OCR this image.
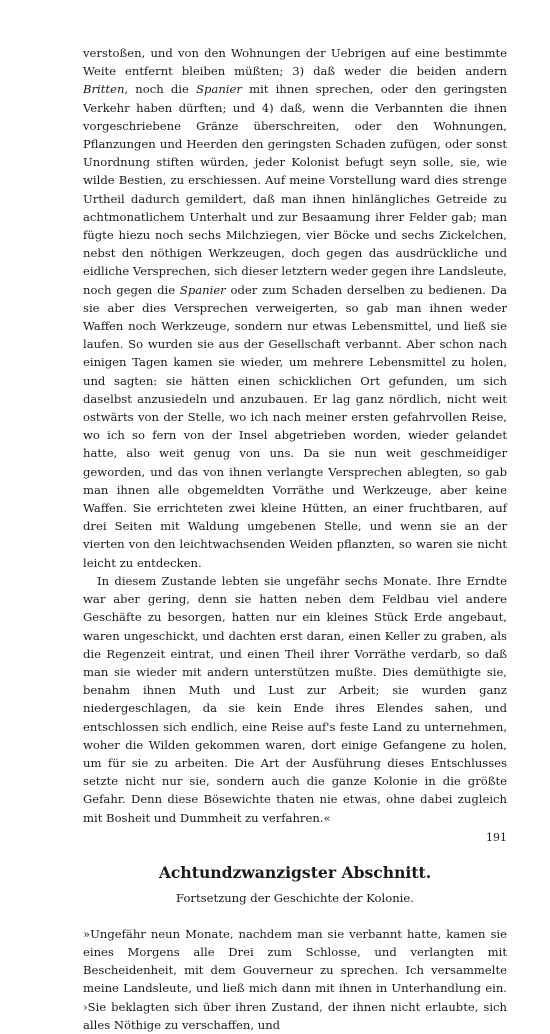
verstoßen, und von den Wohnungen der Uebrigen auf eine bestimmte Weite entfernt bleiben müßten; 3) daß weder die beiden andern Britten, noch die Spanier mit ihnen sprechen, oder den geringsten Verkehr haben dürften; und 4) daß, wenn die Verbannten die ihnen vorgeschriebene Gränze überschreiten, oder den Wohnungen, Pflanzungen und Heerden den geringsten Schaden zufügen, oder sonst Unordnung stiften würden, jeder Kolonist befugt seyn solle, sie, wie wilde Bestien, zu erschiessen. Auf meine Vorstellung ward dies strenge Urtheil dadurch gemildert, daß man ihnen hinlängliches Getreide zu achtmonatlichem Unterhalt und zur Besaamung ihrer Felder gab; man fügte hiezu noch sechs Milchziegen, vier Böcke und sechs Zickelchen, nebst den nöthigen Werkzeugen, doch gegen das ausdrückliche und eidliche Versprechen, sich dieser letztern weder gegen ihre Landsleute, noch gegen die Spanier oder zum Schaden derselben zu bedienen. Da sie aber dies Versprechen verweigerten, so gab man ihnen weder Waffen noch Werkzeuge, sondern nur etwas Lebensmittel, und ließ sie laufen. So wurden sie aus der Gesellschaft verbannt. Aber schon nach einigen Tagen kamen sie wieder, um mehrere Lebensmittel zu holen, und sagten: sie hätten einen schicklichen Ort gefunden, um sich daselbst anzusiedeln und anzubauen. Er lag ganz nördlich, nicht weit ostwärts von der Stelle, wo ich nach meiner ersten gefahrvollen Reise, wo ich so fern von der Insel abgetrieben worden, wieder gelandet hatte, also weit genug von uns. Da sie nun weit geschmeidiger geworden, und das von ihnen verlangte Versprechen ablegten, so gab man ihnen alle obgemeldten Vorräthe und Werkzeuge, aber keine Waffen. Sie errichteten zwei kleine Hütten, an einer fruchtbaren, auf drei Seiten mit Waldung umgebenen Stelle, und wenn sie an der vierten von den leichtwachsenden Weiden pflanzten, so waren sie nicht leicht zu entdecken.

In diesem Zustande lebten sie ungefähr sechs Monate. Ihre Erndte war aber gering, denn sie hatten neben dem Feldbau viel andere Geschäfte zu besorgen, hatten nur ein kleines Stück Erde angebaut, waren ungeschickt, und dachten erst daran, einen Keller zu graben, als die Regenzeit eintrat, und einen Theil ihrer Vorräthe verdarb, so daß man sie wieder mit andern unterstützen mußte. Dies demüthigte sie, benahm ihnen Muth und Lust zur Arbeit; sie wurden ganz niedergeschlagen, da sie kein Ende ihres Elendes sahen, und entschlossen sich endlich, eine Reise auf's feste Land zu unternehmen, woher die Wilden gekommen waren, dort einige Gefangene zu holen, um für sie zu arbeiten. Die Art der Ausführung dieses Entschlusses setzte nicht nur sie, sondern auch die ganze Kolonie in die größte Gefahr. Denn diese Bösewichte thaten nie etwas, ohne dabei zugleich mit Bosheit und Dummheit zu verfahren.«

Achtundzwanzigster Abschnitt.
Fortsetzung der Geschichte der Kolonie.

»Ungefähr neun Monate, nachdem man sie verbannt hatte, kamen sie eines Morgens alle Drei zum Schlosse, und verlangten mit Bescheidenheit, mit dem Gouverneur zu sprechen. Ich versammelte meine Landsleute, und ließ mich dann mit ihnen in Unterhandlung ein. ›Sie beklagten sich über ihren Zustand, der ihnen nicht erlaubte, sich alles Nöthige zu verschaffen, und

191
